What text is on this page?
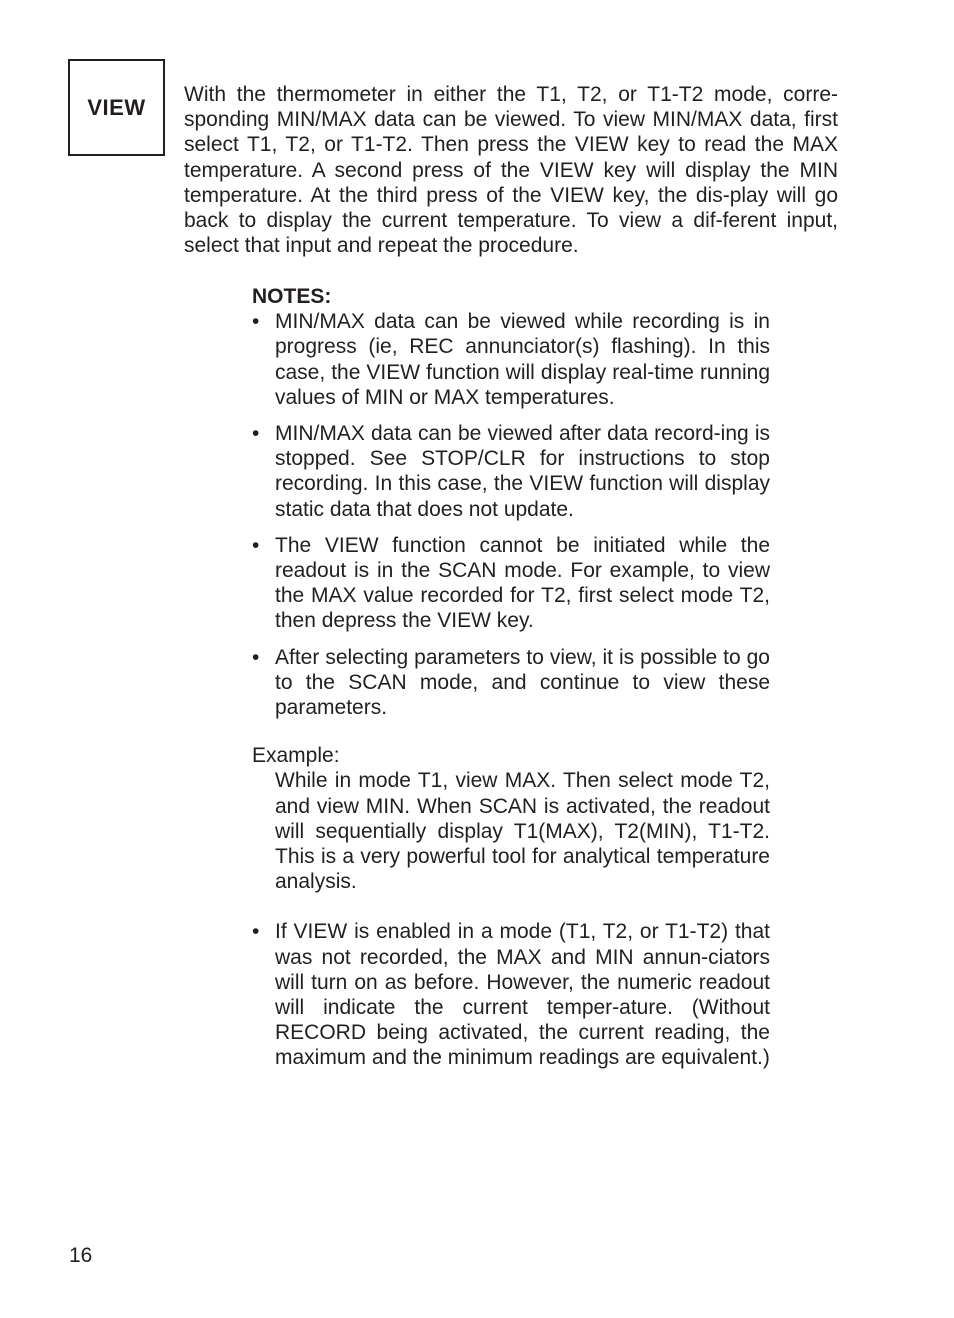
VIEW With the thermometer in either the T1, T2, or T1-T2 mode, corre-sponding MIN/MAX data can be viewed. To view MIN/MAX data, first select T1, T2, or T1-T2. Then press the VIEW key to read the MAX temperature. A second press of the VIEW key will display the MIN temperature. At the third press of the VIEW key, the dis-play will go back to display the current temperature. To view a dif-ferent input, select that input and repeat the procedure.

NOTES:

• MIN/MAX data can be viewed while recording is in progress (ie, REC annunciator(s) flashing). In this case, the VIEW function will display real-time running values of MIN or MAX temperatures.
• MIN/MAX data can be viewed after data record-ing is stopped. See STOP/CLR for instructions to stop recording. In this case, the VIEW function will display static data that does not update.
• The VIEW function cannot be initiated while the readout is in the SCAN mode. For example, to view the MAX value recorded for T2, first select mode T2, then depress the VIEW key.
• After selecting parameters to view, it is possible to go to the SCAN mode, and continue to view these parameters.

Example:

While in mode T1, view MAX. Then select mode T2, and view MIN. When SCAN is activated, the readout will sequentially display T1(MAX), T2(MIN), T1-T2. This is a very powerful tool for analytical temperature analysis.

• If VIEW is enabled in a mode (T1, T2, or T1-T2) that was not recorded, the MAX and MIN annun-ciators will turn on as before. However, the numeric readout will indicate the current temper-ature. (Without RECORD being activated, the current reading, the maximum and the minimum readings are equivalent.)
16
